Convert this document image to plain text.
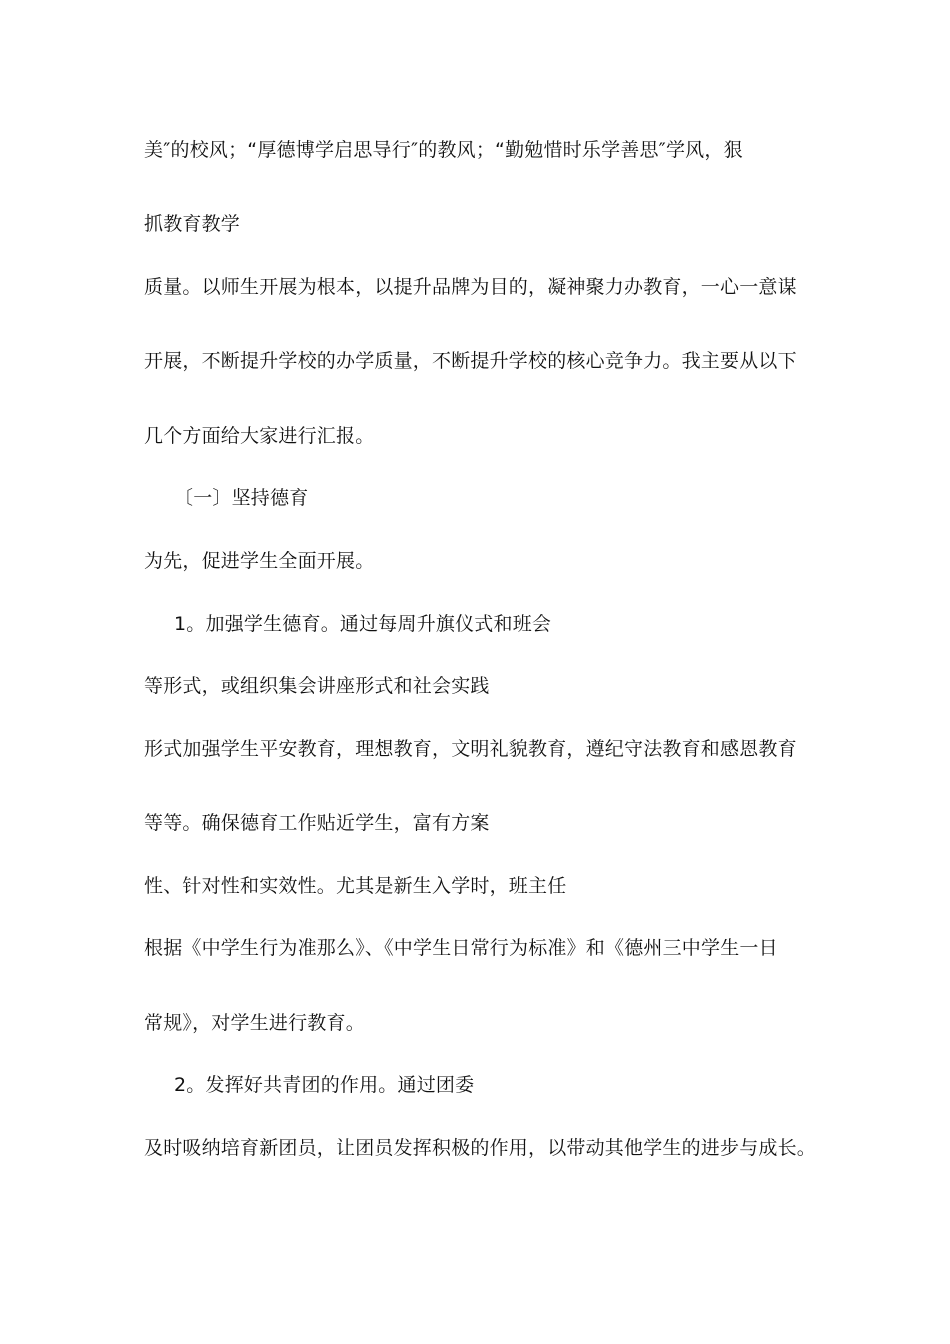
美″的校风；“厚德博学启思导行″的教风；“勤勉惜时乐学善思″学风，狠
抓教育教学
质量。以师生开展为根本，以提升品牌为目的，凝神聚力办教育，一心一意谋
开展，不断提升学校的办学质量，不断提升学校的核心竞争力。我主要从以下
几个方面给大家进行汇报。
〔一〕坚持德育
为先，促进学生全面开展。
1。加强学生德育。通过每周升旗仪式和班会
等形式，或组织集会讲座形式和社会实践
形式加强学生平安教育，理想教育，文明礼貌教育，遵纪守法教育和感恩教育
等等。确保德育工作贴近学生，富有方案
性、针对性和实效性。尤其是新生入学时，班主任
根据《中学生行为准那么》、《中学生日常行为标准》和《德州三中学生一日
常规》，对学生进行教育。
2。发挥好共青团的作用。通过团委
及时吸纳培育新团员，让团员发挥积极的作用，以带动其他学生的进步与成长。
